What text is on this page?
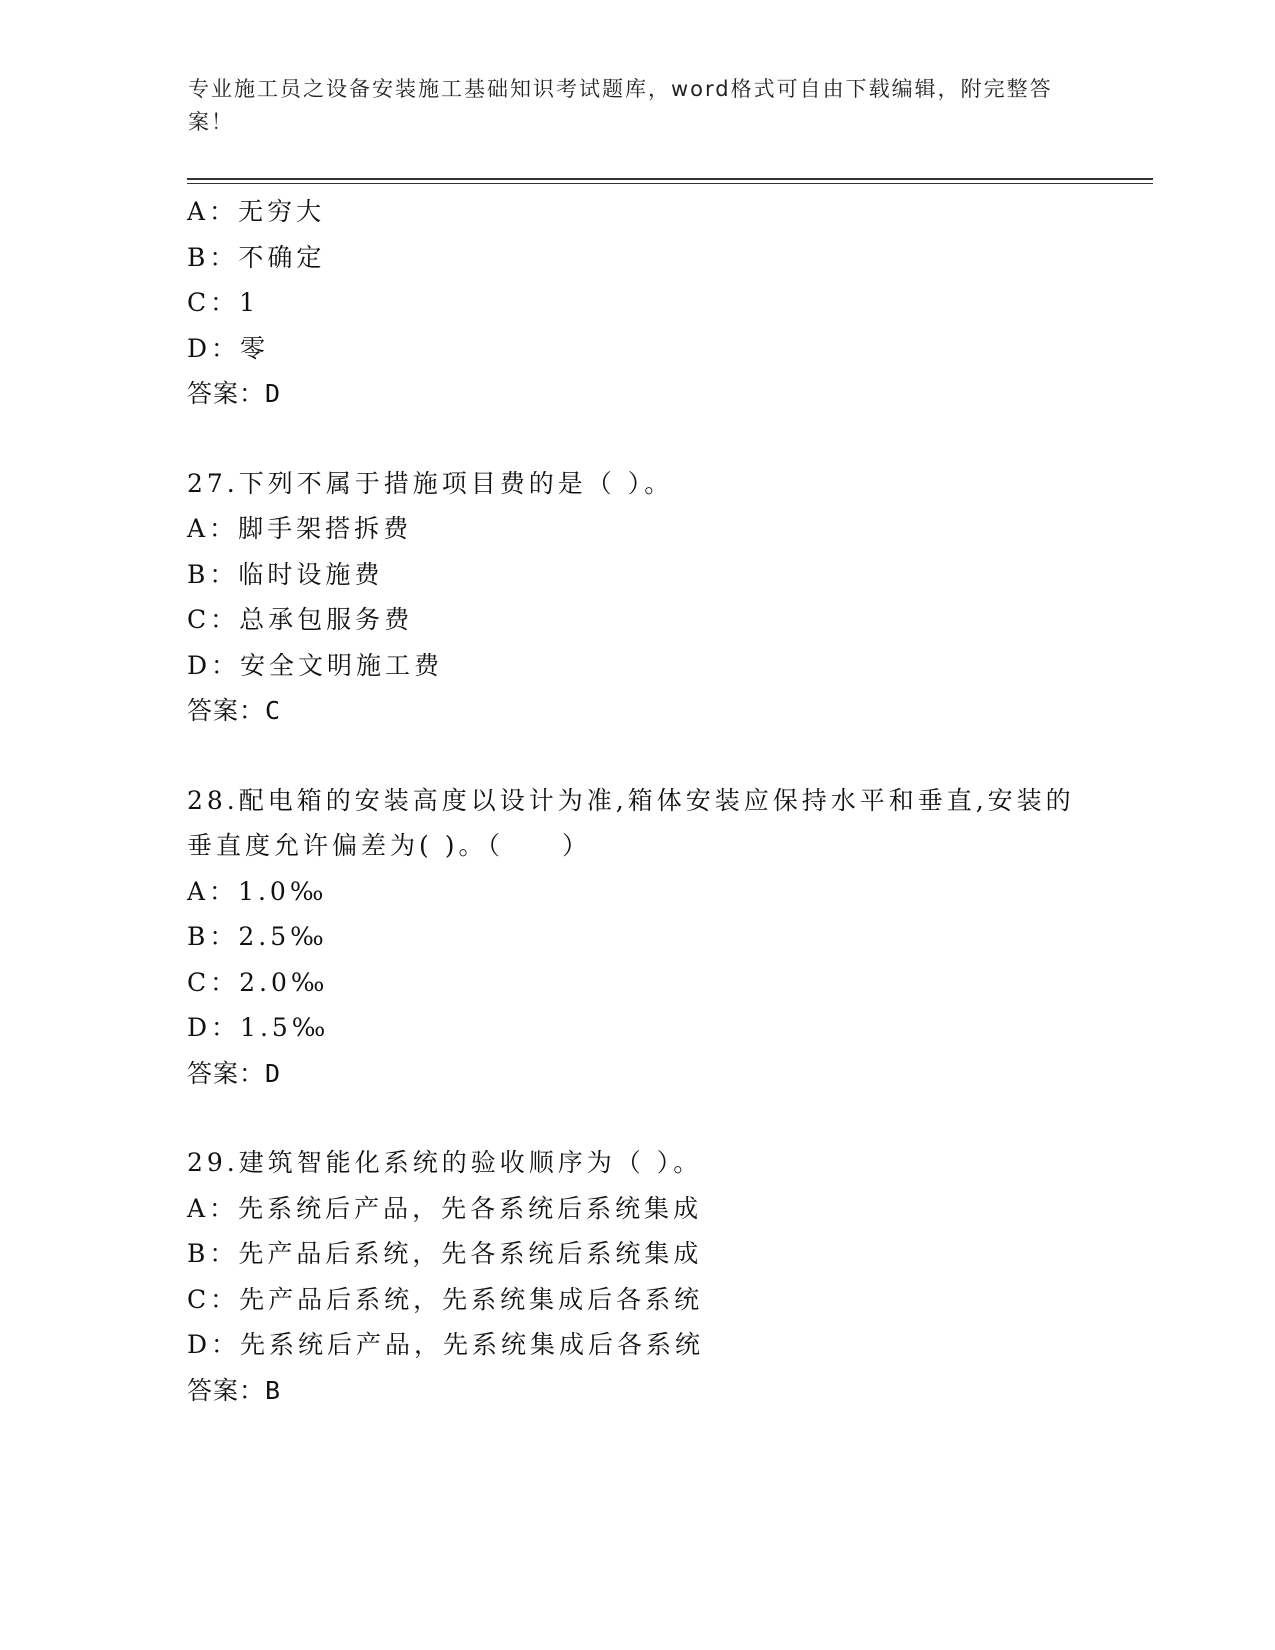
专业施工员之设备安装施工基础知识考试题库，word格式可自由下载编辑，附完整答案！
A：无穷大
B：不确定
C：1
D：零
答案：D
27.下列不属于措施项目费的是（ ）。
A：脚手架搭拆费
B：临时设施费
C：总承包服务费
D：安全文明施工费
答案：C
28.配电箱的安装高度以设计为准,箱体安装应保持水平和垂直,安装的垂直度允许偏差为( )。（　　）
A：1.0‰
B：2.5‰
C：2.0‰
D：1.5‰
答案：D
29.建筑智能化系统的验收顺序为（ ）。
A：先系统后产品，先各系统后系统集成
B：先产品后系统，先各系统后系统集成
C：先产品后系统，先系统集成后各系统
D：先系统后产品，先系统集成后各系统
答案：B
